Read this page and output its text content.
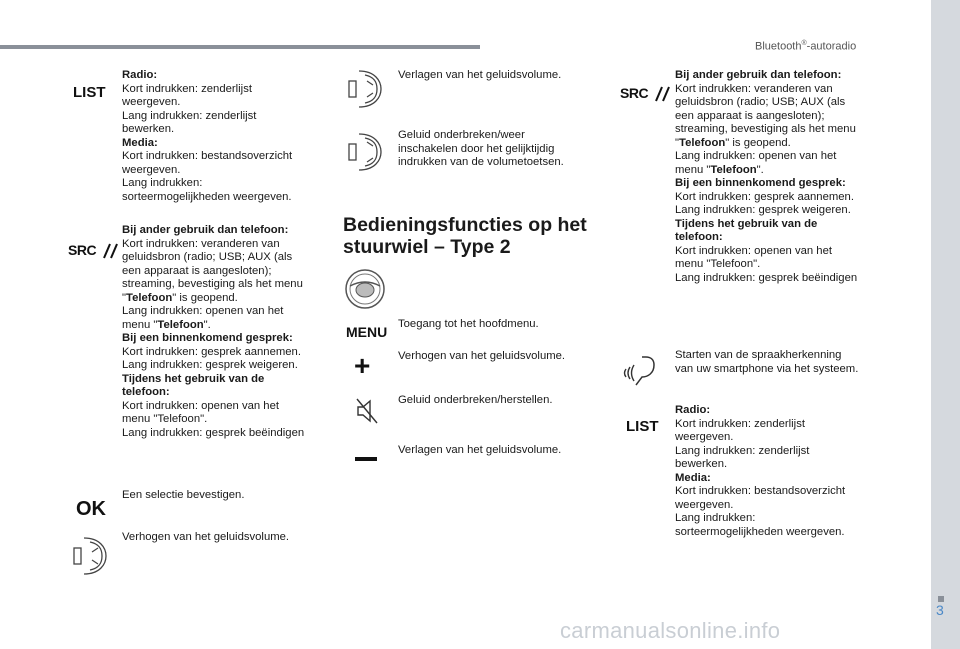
Bluetooth®-autoradio
3
carmanualsonline.info
LIST
Radio:
Kort indrukken: zenderlijst
weergeven.
Lang indrukken: zenderlijst
bewerken.
Media:
Kort indrukken: bestandsoverzicht
weergeven.
Lang indrukken:
sorteermogelijkheden weergeven.
SRC
Bij ander gebruik dan telefoon:
Kort indrukken: veranderen van
geluidsbron (radio; USB; AUX (als
een apparaat is aangesloten);
streaming, bevestiging als het menu
"Telefoon" is geopend.
Lang indrukken: openen van het
menu "Telefoon".
Bij een binnenkomend gesprek:
Kort indrukken: gesprek aannemen.
Lang indrukken: gesprek weigeren.
Tijdens het gebruik van de
telefoon:
Kort indrukken: openen van het
menu "Telefoon".
Lang indrukken: gesprek beëindigen
OK
Een selectie bevestigen.
Verhogen van het geluidsvolume.
Verlagen van het geluidsvolume.
Geluid onderbreken/weer
inschakelen door het gelijktijdig
indrukken van de volumetoetsen.
Bedieningsfuncties op het stuurwiel – Type 2
MENU Toegang tot het hoofdmenu.
+ Verhogen van het geluidsvolume.
Geluid onderbreken/herstellen.
Verlagen van het geluidsvolume.
SRC
Bij ander gebruik dan telefoon:
Kort indrukken: veranderen van
geluidsbron (radio; USB; AUX (als
een apparaat is aangesloten);
streaming, bevestiging als het menu
"Telefoon" is geopend.
Lang indrukken: openen van het
menu "Telefoon".
Bij een binnenkomend gesprek:
Kort indrukken: gesprek aannemen.
Lang indrukken: gesprek weigeren.
Tijdens het gebruik van de
telefoon:
Kort indrukken: openen van het
menu "Telefoon".
Lang indrukken: gesprek beëindigen
Starten van de spraakherkenning
van uw smartphone via het systeem.
LIST
Radio:
Kort indrukken: zenderlijst
weergeven.
Lang indrukken: zenderlijst
bewerken.
Media:
Kort indrukken: bestandsoverzicht
weergeven.
Lang indrukken:
sorteermogelijkheden weergeven.
